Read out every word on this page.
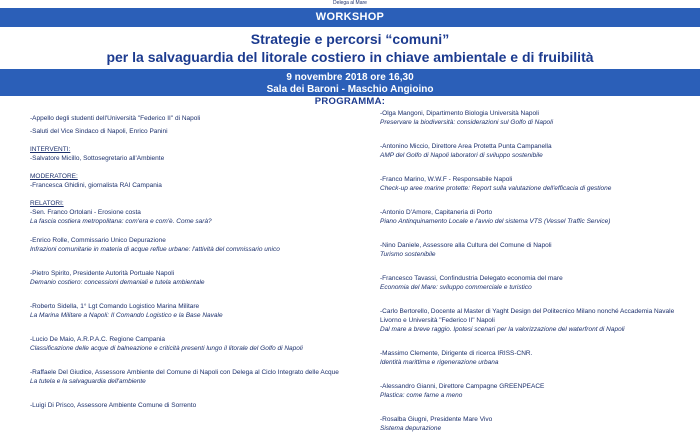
Delega al Mare
WORKSHOP
Strategie e percorsi “comuni”
per la salvaguardia del litorale costiero in chiave ambientale e di fruibilità
9 novembre 2018 ore 16,30
Sala dei Baroni - Maschio Angioino
PROGRAMMA:
-Appello degli studenti dell'Università "Federico II" di Napoli
-Saluti del Vice Sindaco di Napoli, Enrico Panini
INTERVENTI:
-Salvatore Micillo, Sottosegretario all'Ambiente
MODERATORE:
-Francesca Ghidini, giornalista RAI Campania
RELATORI:
-Sen. Franco Ortolani - Erosione costa
La fascia costiera metropolitana: com'era e com'è. Come sarà?
-Enrico Rolle, Commissario Unico Depurazione
Infrazioni comunitarie in materia di acque reflue urbane: l'attività del commissario unico
-Pietro Spirito, Presidente Autorità Portuale Napoli
Demanio costiero: concessioni demaniali e tutela ambientale
-Roberto Sidella, 1° Lgt Comando Logistico Marina Militare
La Marina Militare a Napoli: Il Comando Logistico e la Base Navale
-Lucio De Maio, A.R.P.A.C. Regione Campania
Classificazione delle acque di balneazione e criticità presenti lungo il litorale del Golfo di Napoli
-Raffaele Del Giudice, Assessore Ambiente del Comune di Napoli con Delega al Ciclo Integrato delle Acque
La tutela e la salvaguardia dell'ambiente
-Luigi Di Prisco, Assessore Ambiente Comune di Sorrento
-Olga Mangoni, Dipartimento Biologia Università Napoli
Preservare la biodiversità: considerazioni sul Golfo di Napoli
-Antonino Miccio, Direttore Area Protetta Punta Campanella
AMP del Golfo di Napoli laboratori di sviluppo sostenibile
-Franco Marino, W.W.F - Responsabile Napoli
Check-up aree marine protette: Report sulla valutazione dell'efficacia di gestione
-Antonio D'Amore, Capitaneria di Porto
Piano Antinquinamento Locale e l'avvio del sistema VTS (Vessel Traffic Service)
-Nino Daniele, Assessore alla Cultura del Comune di Napoli
Turismo sostenibile
-Francesco Tavassi, Confindustria Delegato economia del mare
Economia del Mare: sviluppo commerciale e turistico
-Carlo Bertorello, Docente al Master di Yaght Design del Politecnico Milano nonché Accademia Navale
Livorno e Università "Federico II" Napoli
Dal mare a breve raggio. Ipotesi scenari per la valorizzazione del waterfront di Napoli
-Massimo Clemente, Dirigente di ricerca IRISS-CNR.
Identità marittima e rigenerazione urbana
-Alessandro Gianni, Direttore Campagne GREENPEACE
Plastica: come farne a meno
-Rosalba Giugni, Presidente Mare Vivo
Sistema depurazione
